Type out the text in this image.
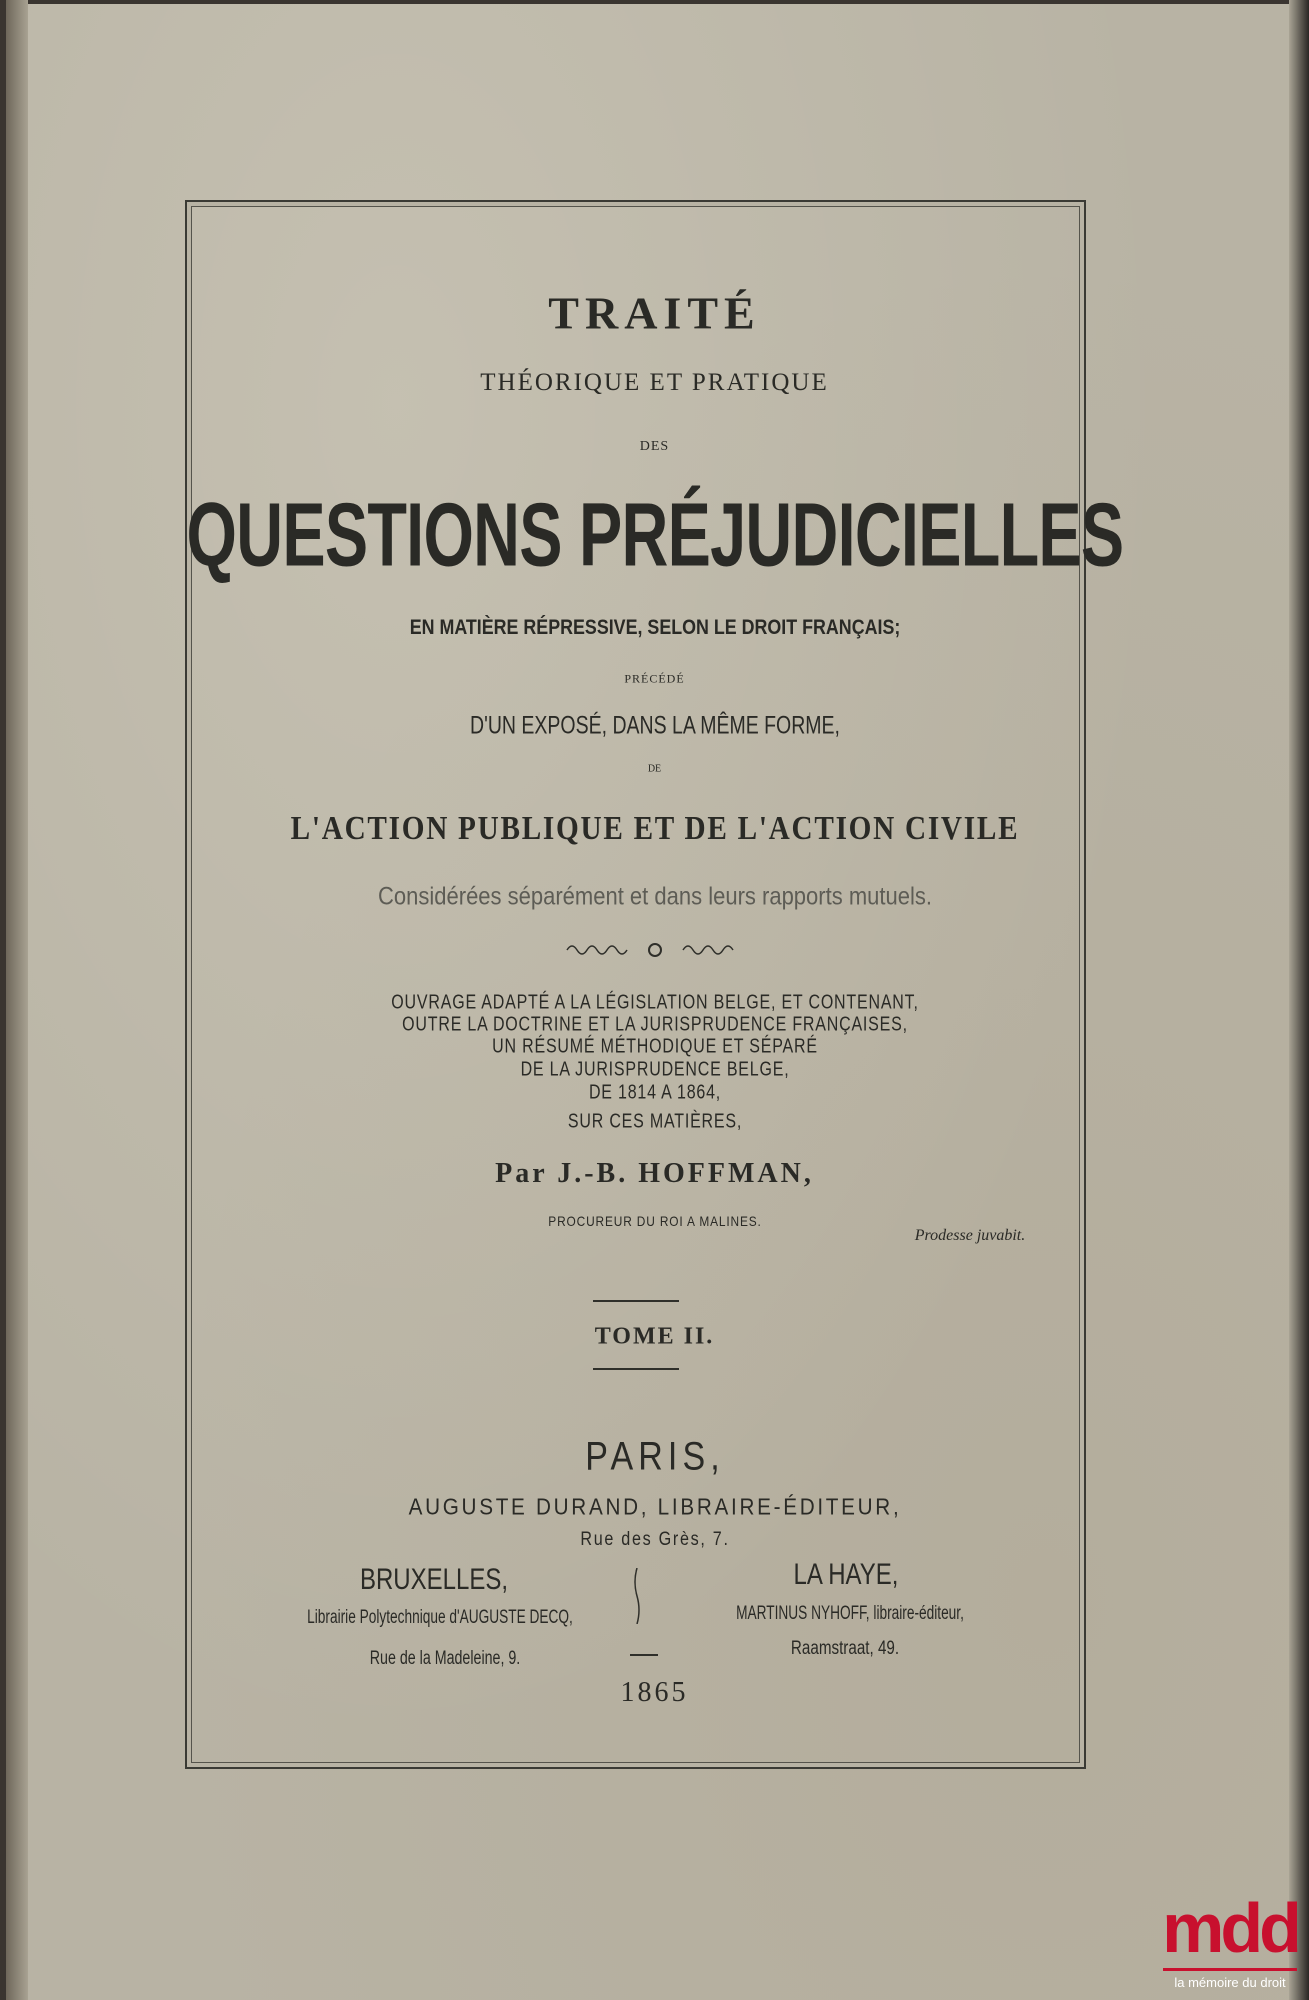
TRAITÉ
THÉORIQUE ET PRATIQUE
DES
QUESTIONS PRÉJUDICIELLES
EN MATIÈRE RÉPRESSIVE, SELON LE DROIT FRANÇAIS;
PRÉCÉDÉ
D'UN EXPOSÉ, DANS LA MÊME FORME,
DE
L'ACTION PUBLIQUE ET DE L'ACTION CIVILE
Considérées séparément et dans leurs rapports mutuels.
OUVRAGE ADAPTÉ A LA LÉGISLATION BELGE, ET CONTENANT,
OUTRE LA DOCTRINE ET LA JURISPRUDENCE FRANÇAISES,
UN RÉSUMÉ MÉTHODIQUE ET SÉPARÉ
DE LA JURISPRUDENCE BELGE,
DE 1814 A 1864,
SUR CES MATIÈRES,
Par J.-B. HOFFMAN,
PROCUREUR DU ROI A MALINES.
Prodesse juvabit.
TOME II.
PARIS,
AUGUSTE DURAND, LIBRAIRE-ÉDITEUR,
Rue des Grès, 7.
BRUXELLES,
Librairie Polytechnique d'AUGUSTE DECQ,
Rue de la Madeleine, 9.
LA HAYE,
MARTINUS NYHOFF, libraire-éditeur,
Raamstraat, 49.
1865
mdd
la mémoire du droit
